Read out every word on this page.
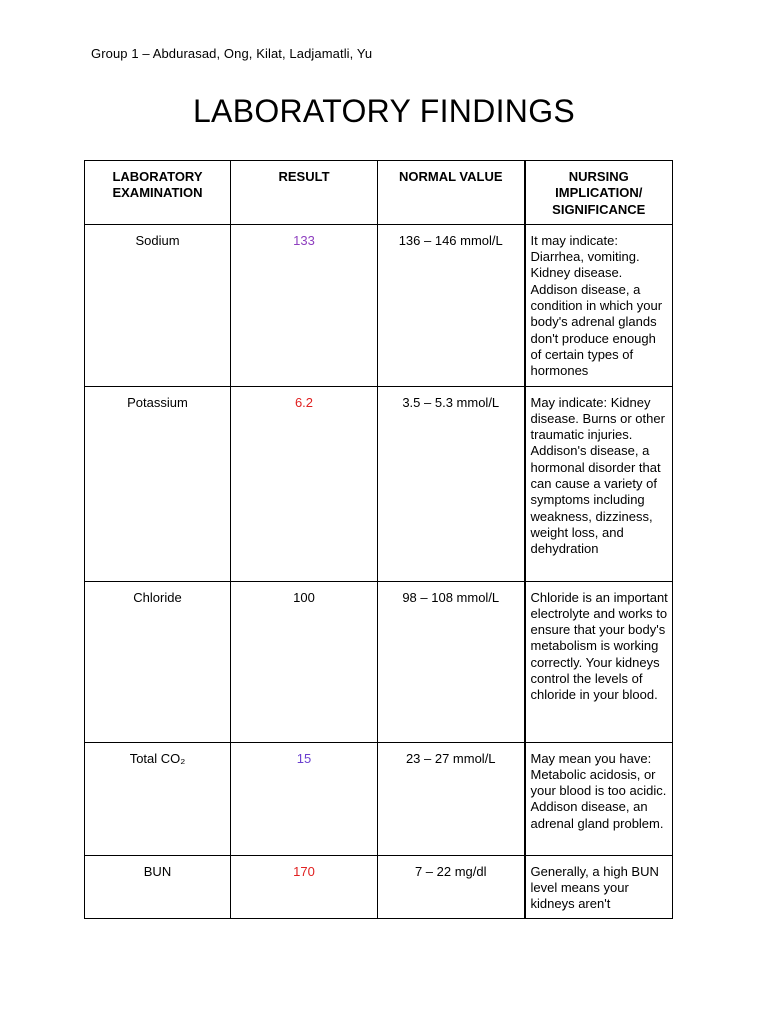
Group 1 – Abdurasad, Ong, Kilat, Ladjamatli, Yu
LABORATORY FINDINGS
LABORATORY EXAMINATION	RESULT	NORMAL VALUE	NURSING IMPLICATION/ SIGNIFICANCE
Sodium	133	136 – 146 mmol/L	It may indicate: Diarrhea, vomiting. Kidney disease. Addison disease, a condition in which your body's adrenal glands don't produce enough of certain types of hormones
Potassium	6.2	3.5 – 5.3 mmol/L	May indicate: Kidney disease. Burns or other traumatic injuries. Addison's disease, a hormonal disorder that can cause a variety of symptoms including weakness, dizziness, weight loss, and dehydration
Chloride	100	98 – 108 mmol/L	Chloride is an important electrolyte and works to ensure that your body's metabolism is working correctly. Your kidneys control the levels of chloride in your blood.
Total CO₂	15	23 – 27 mmol/L	May mean you have: Metabolic acidosis, or your blood is too acidic. Addison disease, an adrenal gland problem.
BUN	170	7 – 22 mg/dl	Generally, a high BUN level means your kidneys aren't
